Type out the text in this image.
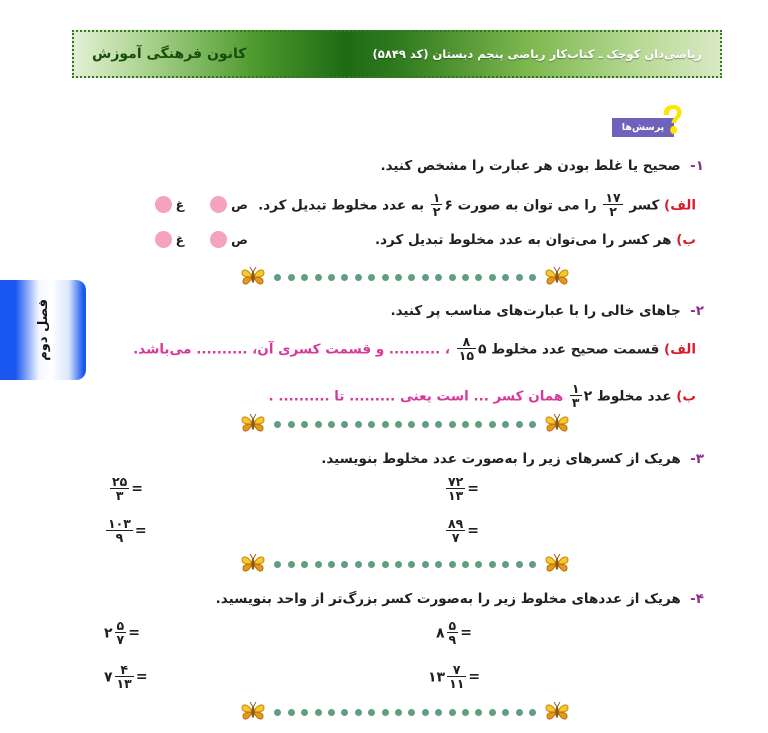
ریاضی‌دان کوچک ـ کتاب‌کار ریاضی پنجم دبستان (کد ۵۸۴۹)
کانون فرهنگی آموزش
فصل دوم
پرسش‌ها
۱-  صحیح یا غلط بودن هر عبارت را مشخص کنید.
الف) کسر
$\frac{۱۷}{۲}$
را می توان به صورت ۶
$\frac{۱}{۲}$
به عدد مخلوط تبدیل کرد.
ص
غ
ب) هر کسر را می‌توان به عدد مخلوط تبدیل کرد.
ص
غ
۲-  جاهای خالی را با عبارت‌های مناسب پر کنید.
الف) قسمت صحیح عدد مخلوط ۵
$\frac{۸}{۱۵}$
، .......... و قسمت کسری آن، .......... می‌باشد.
ب) عدد مخلوط ۲
$\frac{۱}{۳}$
همان کسر ... است یعنی ......... تا .......... .
۳-  هریک از کسرهای زیر را به‌صورت عدد مخلوط بنویسید.
$\frac{۷۲}{۱۳}$ =
$\frac{۸۹}{۷}$ =
$\frac{۲۵}{۳}$ =
$\frac{۱۰۳}{۹}$ =
۴-  هریک از عددهای مخلوط زیر را به‌صورت کسر بزرگ‌تر از واحد بنویسید.
۸ $\frac{۵}{۹}$ =
۱۳ $\frac{۷}{۱۱}$ =
۲ $\frac{۵}{۷}$ =
۷ $\frac{۴}{۱۳}$ =
